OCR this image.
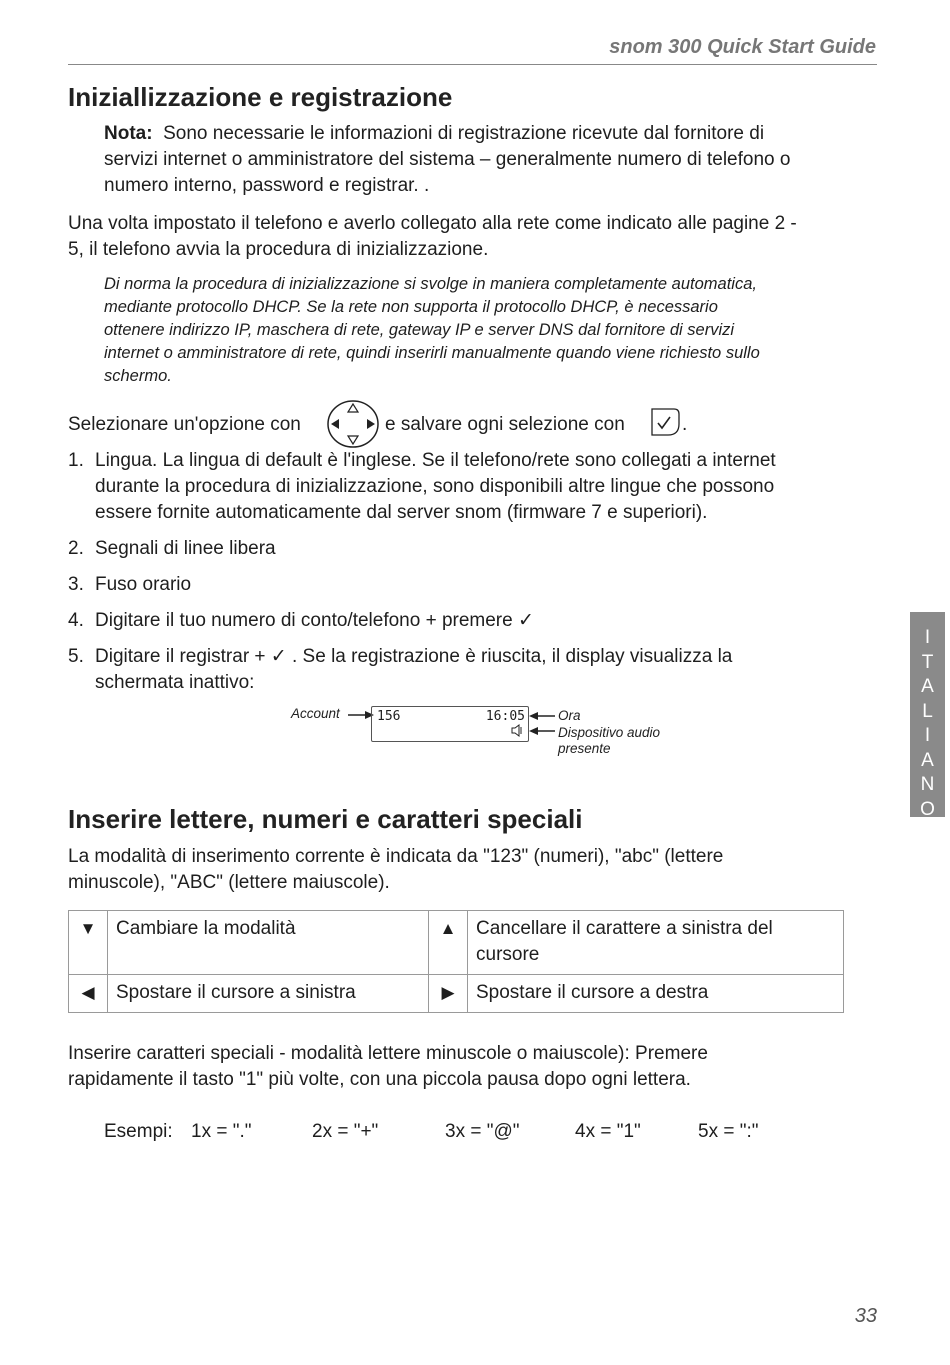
snom 300 Quick Start Guide
Iniziallizzazione e registrazione
Nota: Sono necessarie le informazioni di registrazione ricevute dal fornitore di
servizi internet o amministratore del sistema – generalmente numero di telefono o
numero interno, password e registrar. .
Una volta impostato il telefono e averlo collegato alla rete come indicato alle pagine 2 -
5, il telefono avvia la procedura di inizializzazione.
Di norma la procedura di inizializzazione si svolge in maniera completamente automatica,
mediante protocollo DHCP. Se la rete non supporta il protocollo DHCP, è necessario
ottenere indirizzo IP, maschera di rete, gateway IP e server DNS dal fornitore di servizi
internet o amministratore di rete, quindi inserirli manualmente quando viene richiesto sullo
schermo.
Selezionare un'opzione con	e salvare ogni selezione con	.
1. Lingua. La lingua di default è l'inglese. Se il telefono/rete sono collegati a internet
durante la procedura di inizializzazione, sono disponibili altre lingue che possono
essere fornite automaticamente dal server snom (firmware 7 e superiori).
2. Segnali di linee libera
3. Fuso orario
4. Digitare il tuo numero di conto/telefono + premere ✓
5. Digitare il registrar + ✓ . Se la registrazione è riuscita, il display visualizza la
schermata inattivo:
Account	156	16:05 Ora
Dispositivo audio
presente
I
T
A
L
I
A
N
O
Inserire lettere, numeri e caratteri speciali
La modalità di inserimento corrente è indicata da "123" (numeri), "abc" (lettere
minuscole), "ABC" (lettere maiuscole).
▼	Cambiare la modalità	▲	Cancellare il carattere a sinistra del
cursore

◀	Spostare il cursore a sinistra	▶	Spostare il cursore a destra
Inserire caratteri speciali - modalità lettere minuscole o maiuscole): Premere
rapidamente il tasto "1" più volte, con una piccola pausa dopo ogni lettera.
Esempi: 1x = "."	2x = "+"	3x = "@"	4x = "1"	5x = ":"
33
